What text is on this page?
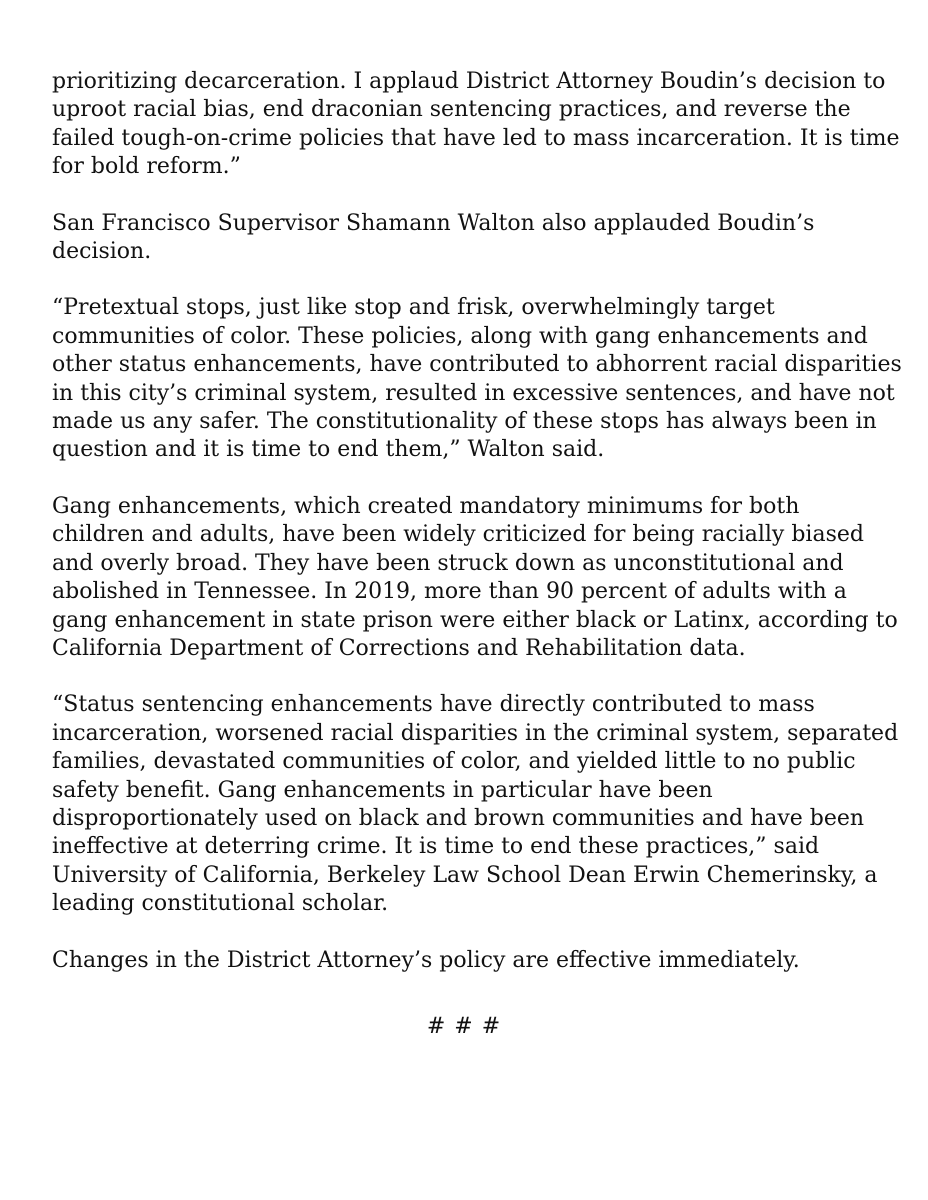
prioritizing decarceration. I applaud District Attorney Boudin’s decision to
uproot racial bias, end draconian sentencing practices, and reverse the
failed tough-on-crime policies that have led to mass incarceration. It is time
for bold reform.”

San Francisco Supervisor Shamann Walton also applauded Boudin’s
decision.

“Pretextual stops, just like stop and frisk, overwhelmingly target
communities of color. These policies, along with gang enhancements and
other status enhancements, have contributed to abhorrent racial disparities
in this city’s criminal system, resulted in excessive sentences, and have not
made us any safer. The constitutionality of these stops has always been in
question and it is time to end them,” Walton said.

Gang enhancements, which created mandatory minimums for both
children and adults, have been widely criticized for being racially biased
and overly broad. They have been struck down as unconstitutional and
abolished in Tennessee. In 2019, more than 90 percent of adults with a
gang enhancement in state prison were either black or Latinx, according to
California Department of Corrections and Rehabilitation data.

“Status sentencing enhancements have directly contributed to mass
incarceration, worsened racial disparities in the criminal system, separated
families, devastated communities of color, and yielded little to no public
safety benefit. Gang enhancements in particular have been
disproportionately used on black and brown communities and have been
ineffective at deterring crime. It is time to end these practices,” said
University of California, Berkeley Law School Dean Erwin Chemerinsky, a
leading constitutional scholar.

Changes in the District Attorney’s policy are effective immediately.

# # #
